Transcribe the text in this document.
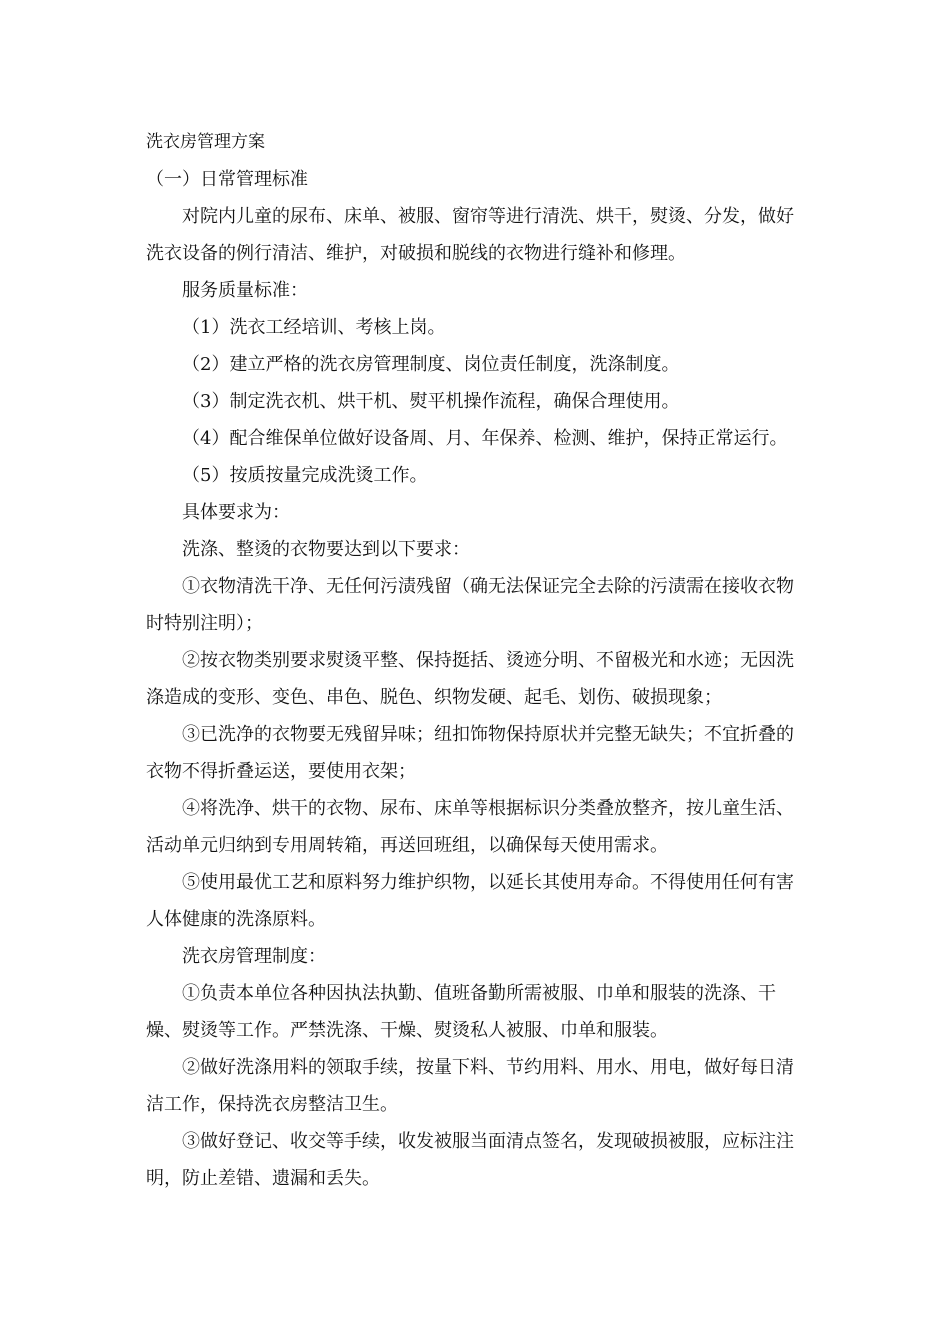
洗衣房管理方案

（一）日常管理标准

对院内儿童的尿布、床单、被服、窗帘等进行清洗、烘干，熨烫、分发，做好洗衣设备的例行清洁、维护，对破损和脱线的衣物进行缝补和修理。

服务质量标准：

（1）洗衣工经培训、考核上岗。

（2）建立严格的洗衣房管理制度、岗位责任制度，洗涤制度。

（3）制定洗衣机、烘干机、熨平机操作流程，确保合理使用。

（4）配合维保单位做好设备周、月、年保养、检测、维护，保持正常运行。

（5）按质按量完成洗烫工作。

具体要求为：

洗涤、整烫的衣物要达到以下要求：

①衣物清洗干净、无任何污渍残留（确无法保证完全去除的污渍需在接收衣物时特别注明）；

②按衣物类别要求熨烫平整、保持挺括、烫迹分明、不留极光和水迹；无因洗涤造成的变形、变色、串色、脱色、织物发硬、起毛、划伤、破损现象；

③已洗净的衣物要无残留异味；纽扣饰物保持原状并完整无缺失；不宜折叠的衣物不得折叠运送，要使用衣架；

④将洗净、烘干的衣物、尿布、床单等根据标识分类叠放整齐，按儿童生活、活动单元归纳到专用周转箱，再送回班组，以确保每天使用需求。

⑤使用最优工艺和原料努力维护织物，以延长其使用寿命。不得使用任何有害人体健康的洗涤原料。

洗衣房管理制度：

①负责本单位各种因执法执勤、值班备勤所需被服、巾单和服装的洗涤、干燥、熨烫等工作。严禁洗涤、干燥、熨烫私人被服、巾单和服装。

②做好洗涤用料的领取手续，按量下料、节约用料、用水、用电，做好每日清洁工作，保持洗衣房整洁卫生。

③做好登记、收交等手续，收发被服当面清点签名，发现破损被服，应标注注明，防止差错、遗漏和丢失。
